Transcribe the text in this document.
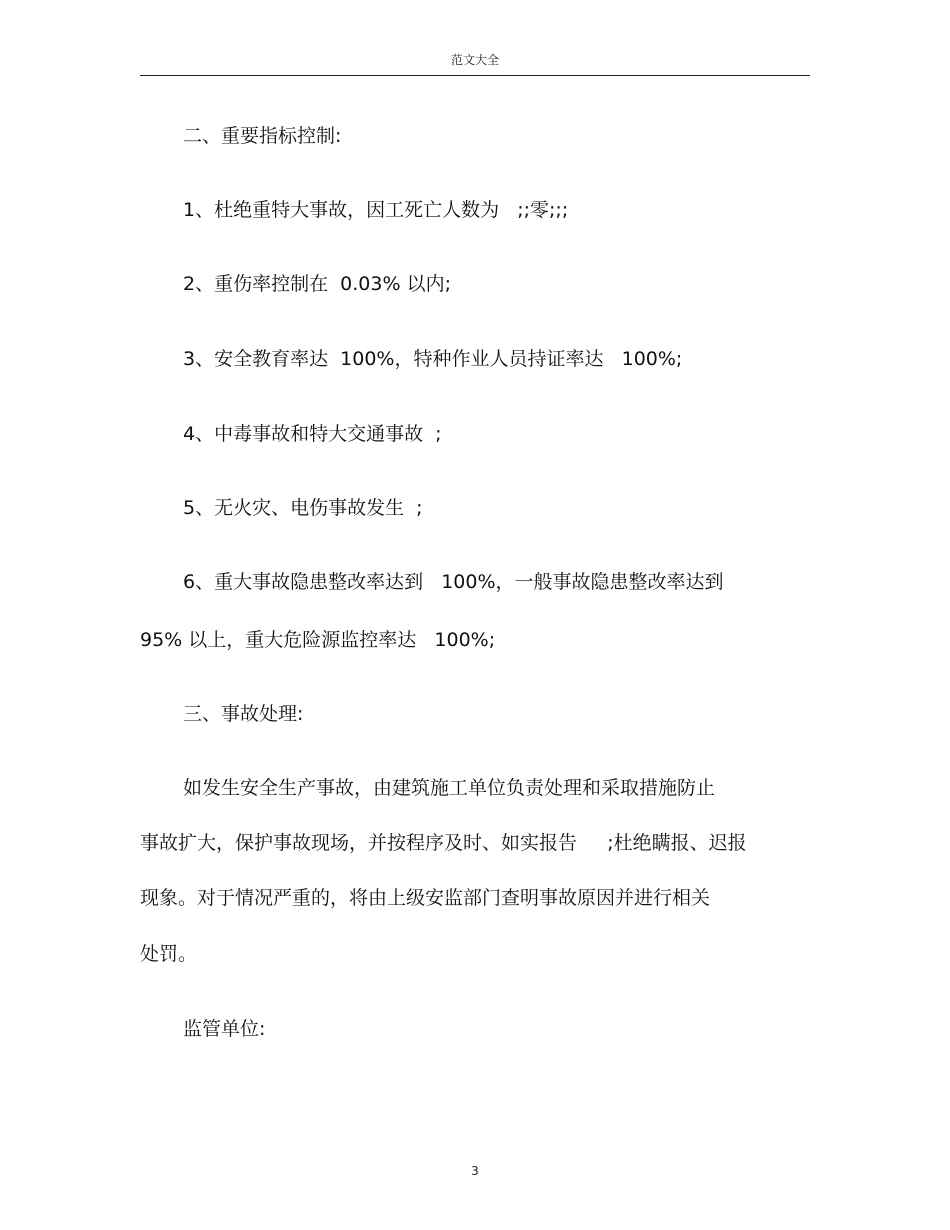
范文大全
二、重要指标控制:
1、杜绝重特大事故，因工死亡人数为   ;;零;;;
2、重伤率控制在  0.03% 以内;
3、安全教育率达  100%，特种作业人员持证率达   100%;
4、中毒事故和特大交通事故  ;
5、无火灾、电伤事故发生  ;
6、重大事故隐患整改率达到   100%，一般事故隐患整改率达到
95% 以上，重大危险源监控率达   100%;
三、事故处理:
如发生安全生产事故，由建筑施工单位负责处理和采取措施防止
事故扩大，保护事故现场，并按程序及时、如实报告     ;杜绝瞒报、迟报
现象。对于情况严重的，将由上级安监部门查明事故原因并进行相关
处罚。
监管单位:
3
